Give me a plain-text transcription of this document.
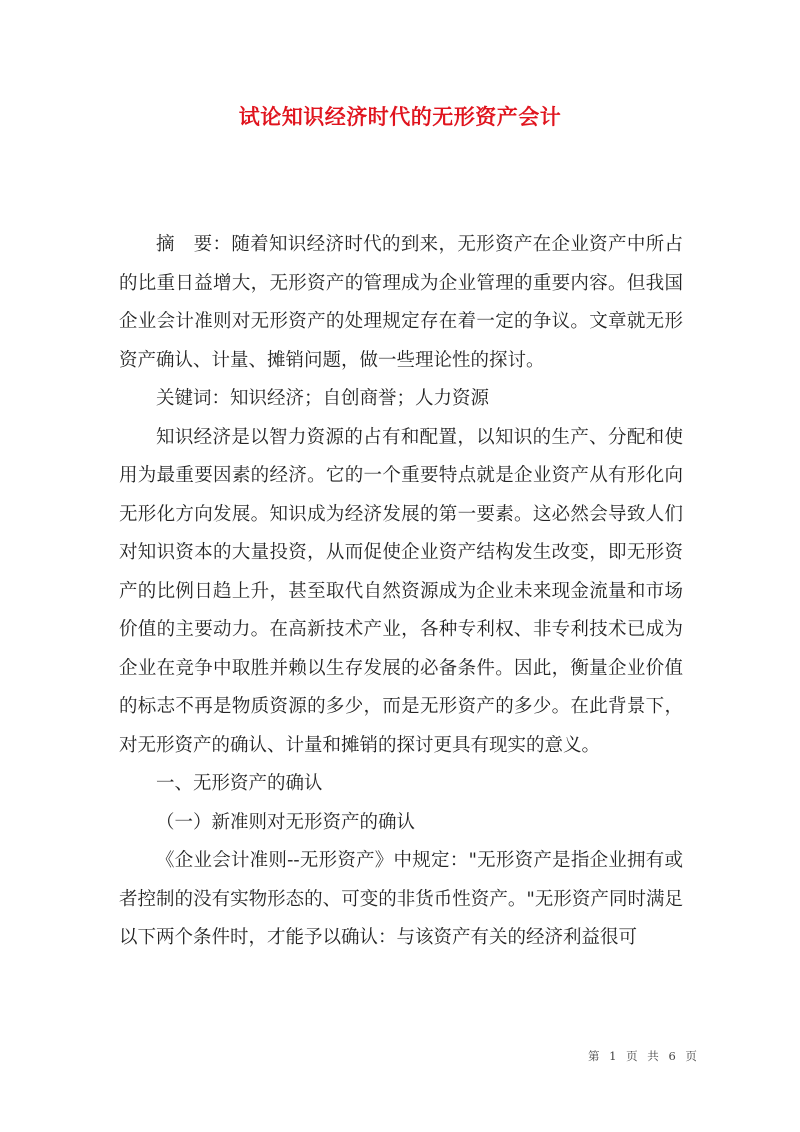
试论知识经济时代的无形资产会计

摘　要：随着知识经济时代的到来，无形资产在企业资产中所占的比重日益增大，无形资产的管理成为企业管理的重要内容。但我国企业会计准则对无形资产的处理规定存在着一定的争议。文章就无形资产确认、计量、摊销问题，做一些理论性的探讨。

关键词：知识经济；自创商誉；人力资源

知识经济是以智力资源的占有和配置，以知识的生产、分配和使用为最重要因素的经济。它的一个重要特点就是企业资产从有形化向无形化方向发展。知识成为经济发展的第一要素。这必然会导致人们对知识资本的大量投资，从而促使企业资产结构发生改变，即无形资产的比例日趋上升，甚至取代自然资源成为企业未来现金流量和市场价值的主要动力。在高新技术产业，各种专利权、非专利技术已成为企业在竞争中取胜并赖以生存发展的必备条件。因此，衡量企业价值的标志不再是物质资源的多少，而是无形资产的多少。在此背景下，对无形资产的确认、计量和摊销的探讨更具有现实的意义。

一、无形资产的确认

（一）新准则对无形资产的确认

《企业会计准则--无形资产》中规定："无形资产是指企业拥有或者控制的没有实物形态的、可变的非货币性资产。"无形资产同时满足以下两个条件时，才能予以确认：与该资产有关的经济利益很可

第 1 页 共 6 页
